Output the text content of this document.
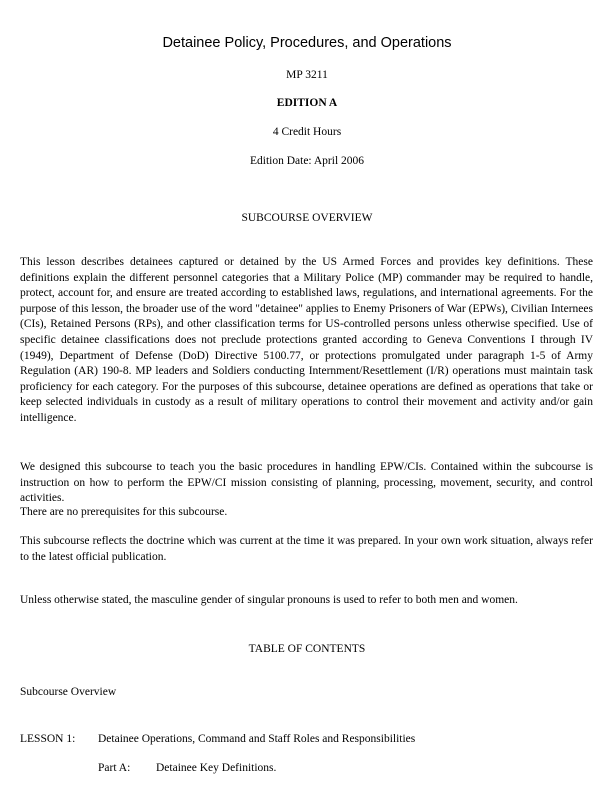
Detainee Policy, Procedures, and Operations
MP 3211
EDITION A
4 Credit Hours
Edition Date: April 2006
SUBCOURSE OVERVIEW

This lesson describes detainees captured or detained by the US Armed Forces and provides key definitions. These definitions explain the different personnel categories that a Military Police (MP) commander may be required to handle, protect, account for, and ensure are treated according to established laws, regulations, and international agreements. For the purpose of this lesson, the broader use of the word "detainee" applies to Enemy Prisoners of War (EPWs), Civilian Internees (CIs), Retained Persons (RPs), and other classification terms for US-controlled persons unless otherwise specified. Use of specific detainee classifications does not preclude protections granted according to Geneva Conventions I through IV (1949), Department of Defense (DoD) Directive 5100.77, or protections promulgated under paragraph 1-5 of Army Regulation (AR) 190-8. MP leaders and Soldiers conducting Internment/Resettlement (I/R) operations must maintain task proficiency for each category. For the purposes of this subcourse, detainee operations are defined as operations that take or keep selected individuals in custody as a result of military operations to control their movement and activity and/or gain intelligence.

We designed this subcourse to teach you the basic procedures in handling EPW/CIs. Contained within the subcourse is instruction on how to perform the EPW/CI mission consisting of planning, processing, movement, security, and control activities.

There are no prerequisites for this subcourse.

This subcourse reflects the doctrine which was current at the time it was prepared. In your own work situation, always refer to the latest official publication.

Unless otherwise stated, the masculine gender of singular pronouns is used to refer to both men and women.

TABLE OF CONTENTS
Subcourse Overview
LESSON 1: Detainee Operations, Command and Staff Roles and Responsibilities
Part A: Detainee Key Definitions.
